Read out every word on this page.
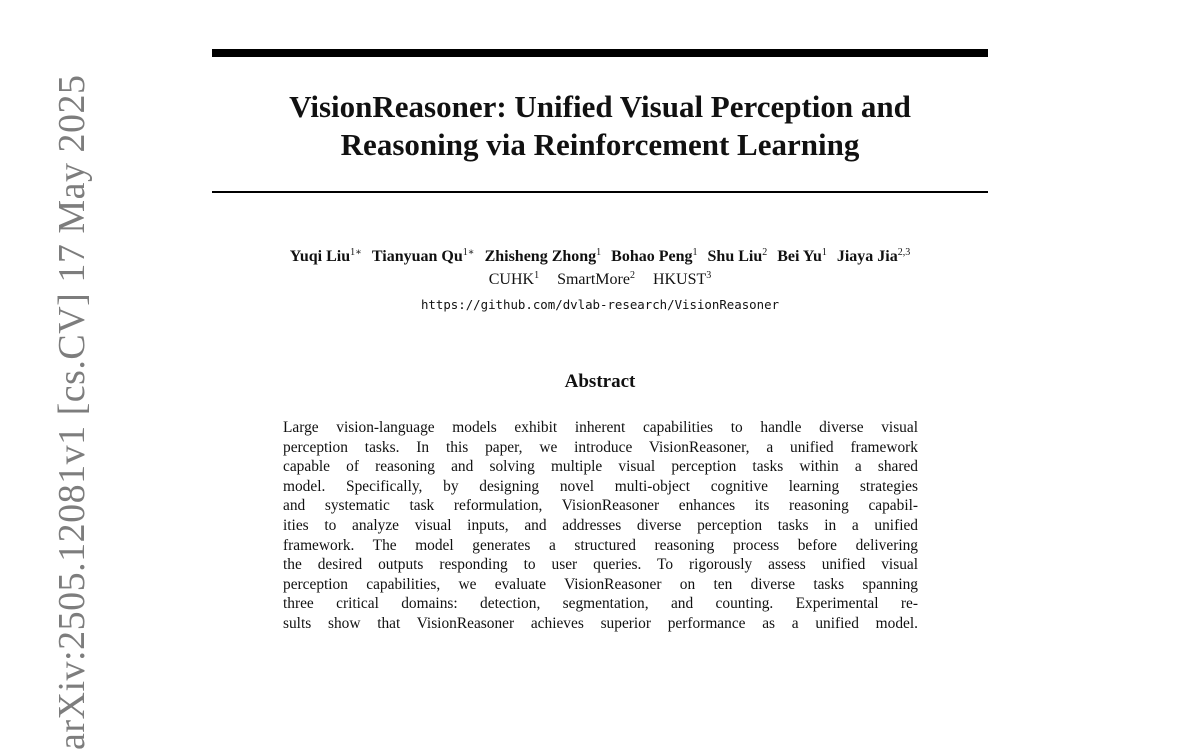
arXiv:2505.12081v1 [cs.CV] 17 May 2025	VisionReasoner: Unified Visual Perception and
Reasoning via Reinforcement Learning
Yuqi Liu$^{1∗}$ Tianyuan $Qu^{1∗}$ Zhisheng Zhong$^1$ Bohao Peng$^1$ Shu Liu$^2$ Bei Yu$^1$ Jiaya Jia$^{2,3}$
CUHK$^1$ SmartMore$^2$ HKUST$^3$
https://github.com/dvlab-research/VisionReasoner
Abstract
Large vision-language models exhibit inherent capabilities to handle diverse visual
perception tasks. In this paper, we introduce VisionReasoner, a unified framework
capable of reasoning and solving multiple visual perception tasks within a shared
model. Specifically, by designing novel multi-object cognitive learning strategies
and systematic task reformulation, VisionReasoner enhances its reasoning capabil-
ities to analyze visual inputs, and addresses diverse perception tasks in a unified
framework. The model generates a structured reasoning process before delivering
the desired outputs responding to user queries. To rigorously assess unified visual
perception capabilities, we evaluate VisionReasoner on ten diverse tasks spanning
three critical domains: detection, segmentation, and counting. Experimental re-
sults show that VisionReasoner achieves superior performance as a unified model.
